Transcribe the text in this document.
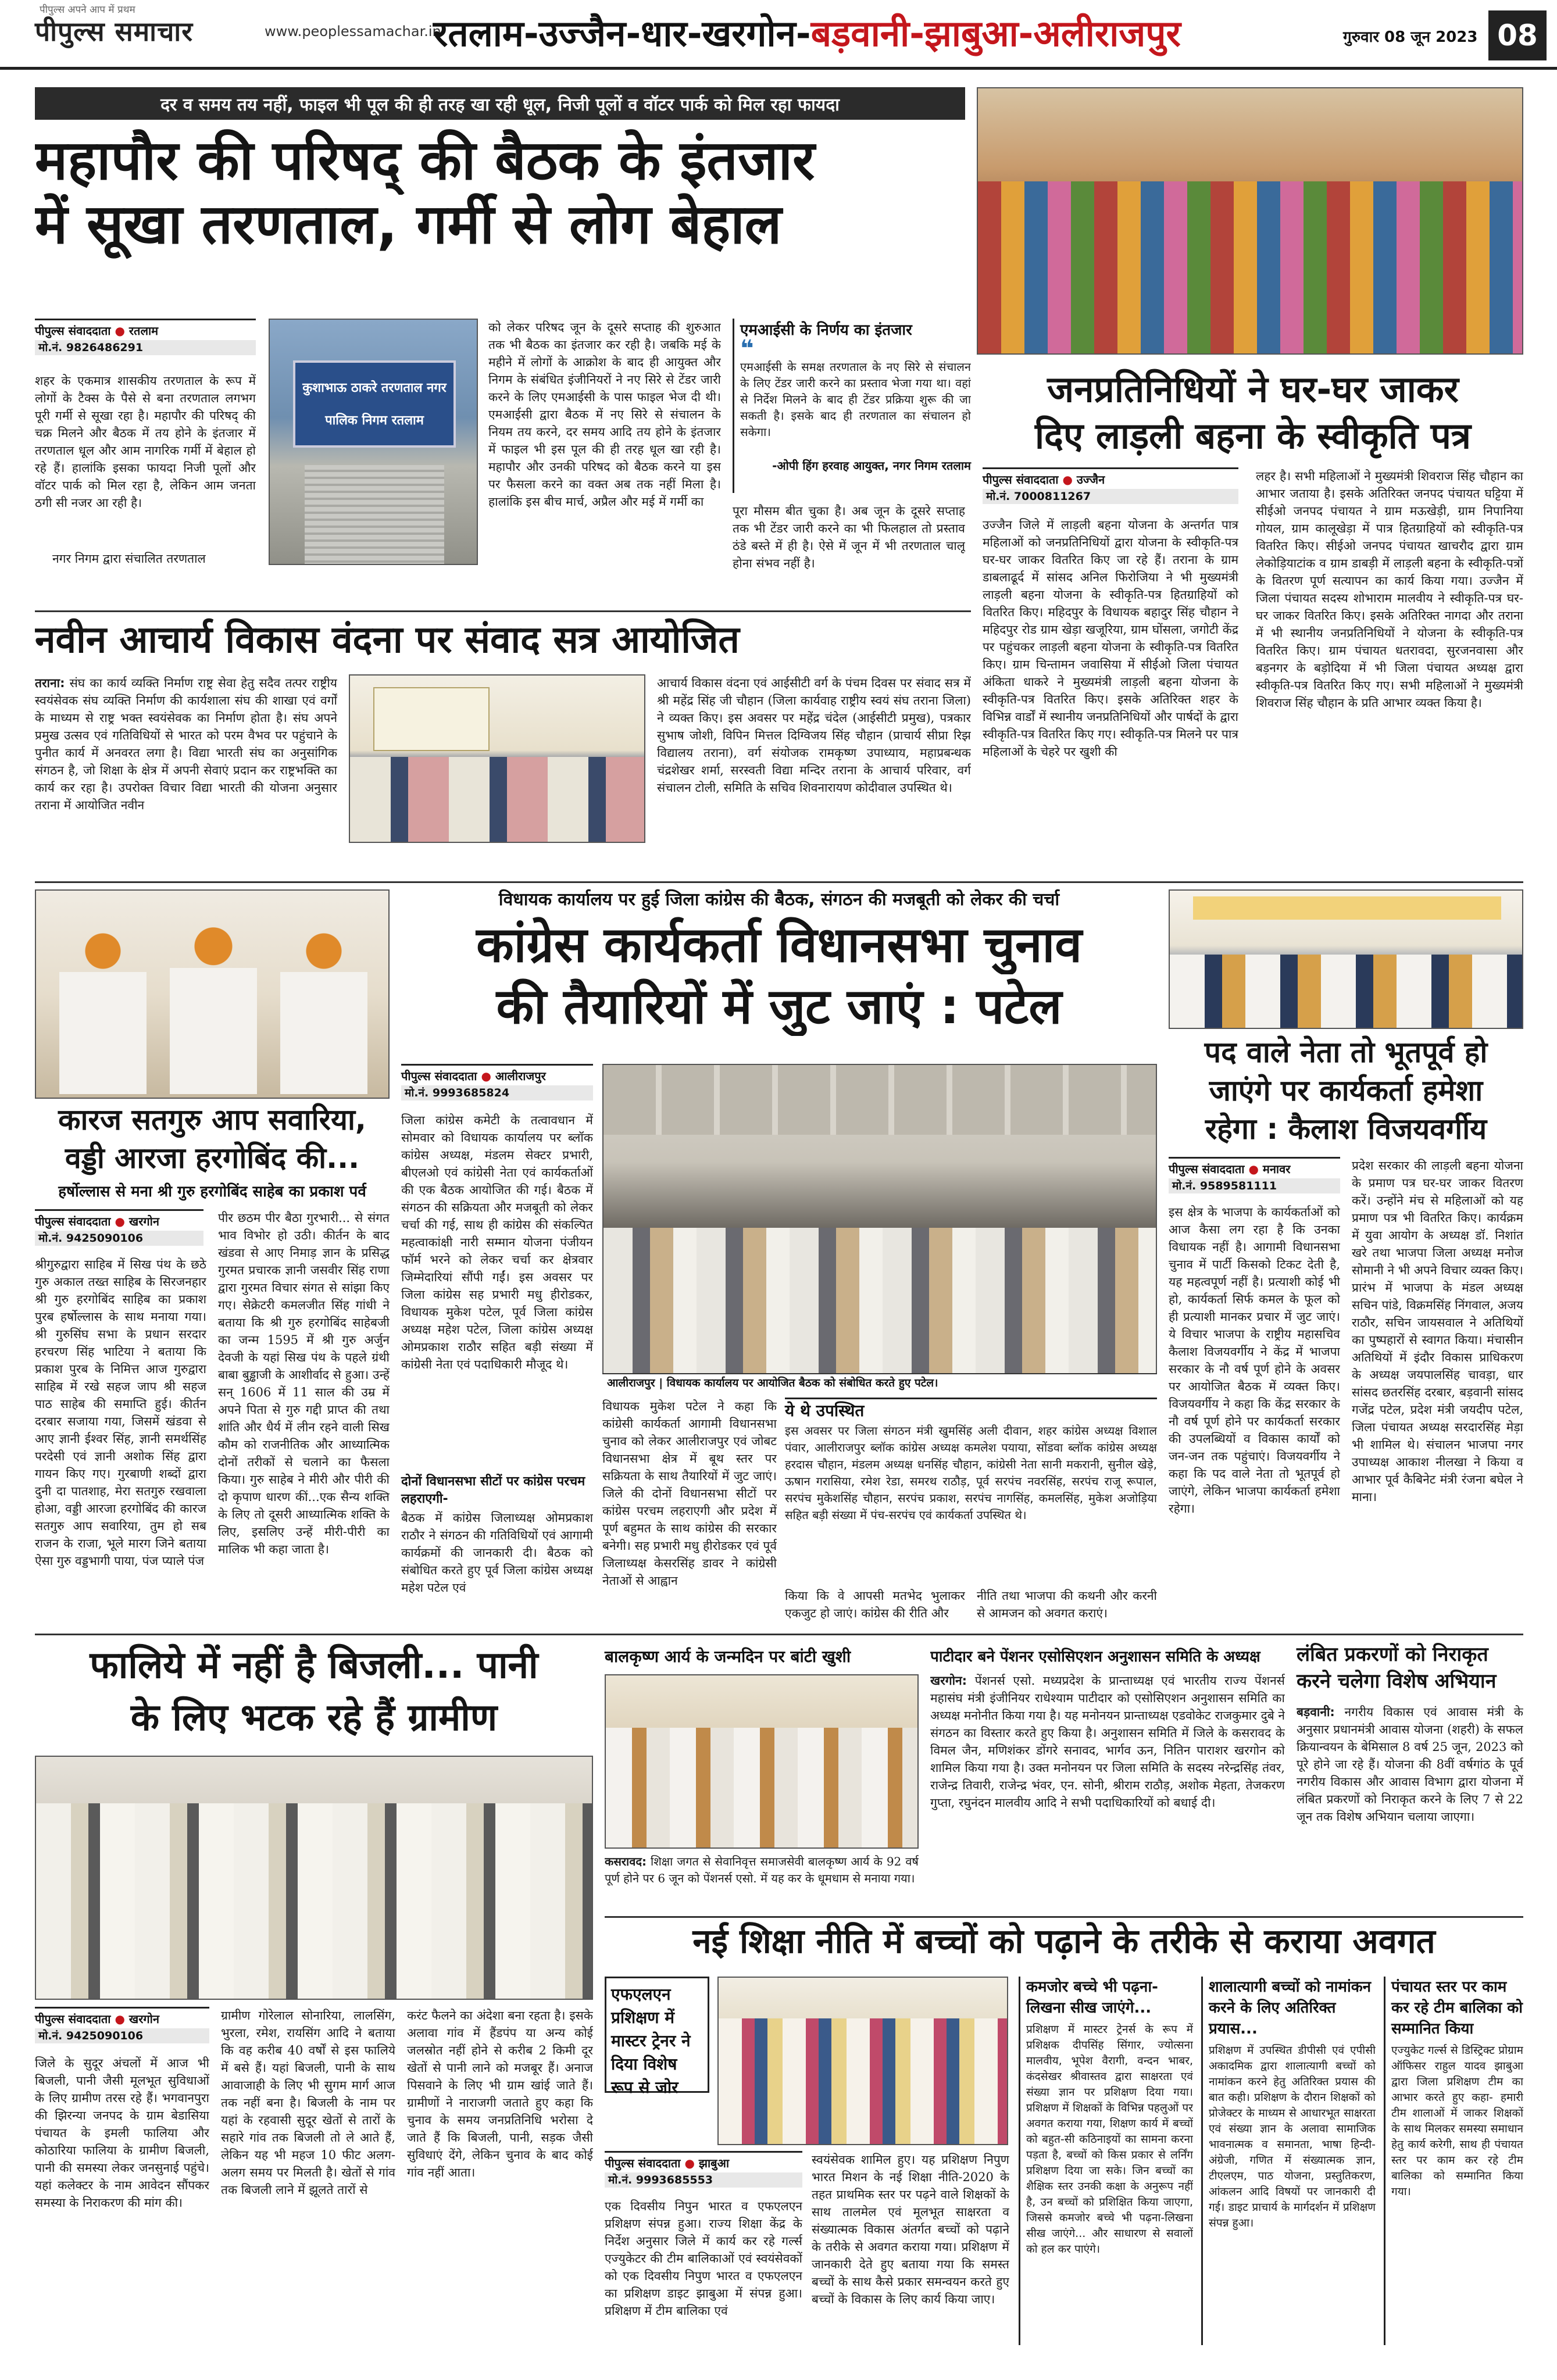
पीपुल्स अपने आप में प्रथम
पीपुल्स समाचार	www.peoplessamachar.in
रतलाम-उज्जैन-धार-खरगोन-बड़वानी-झाबुआ-अलीराजपुर	गुरुवार 08 जून 2023 08
दर व समय तय नहीं, फाइल भी पूल की ही तरह खा रही धूल, निजी पूलों व वॉटर पार्क को मिल रहा फायदा
महापौर की परिषद् की बैठक के इंतजार
में सूखा तरणताल, गर्मी से लोग बेहाल
पीपुल्स संवाददाता ● रतलाम
मो.नं. 9826486291
शहर के एकमात्र शासकीय तरणताल के रूप में लोगों के टैक्स के पैसे से बना तरणताल लगभग पूरी गर्मी से सूखा रहा है। महापौर की परिषद् की चक्र मिलने और बैठक में तय होने के इंतजार में तरणताल धूल और आम नागरिक गर्मी में बेहाल हो रहे हैं। हालांकि इसका फायदा निजी पूलों और वॉटर पार्क को मिल रहा है, लेकिन आम जनता ठगी सी नजर आ रही है।
नगर निगम द्वारा संचालित तरणताल
कुशाभाऊ ठाकरे तरणताल नगर पालिक निगम रतलाम
को लेकर परिषद जून के दूसरे सप्ताह की शुरुआत तक भी बैठक का इंतजार कर रही है। जबकि मई के महीने में लोगों के आक्रोश के बाद ही आयुक्त और निगम के संबंधित इंजीनियरों ने नए सिरे से टेंडर जारी करने के लिए एमआईसी के पास फाइल भेज दी थी। एमआईसी द्वारा बैठक में नए सिरे से संचालन के नियम तय करने, दर समय आदि तय होने के इंतजार में फाइल भी इस पूल की ही तरह धूल खा रही है। महापौर और उनकी परिषद को बैठक करने या इस पर फैसला करने का वक्त अब तक नहीं मिला है। हालांकि इस बीच मार्च, अप्रैल और मई में गर्मी का
एमआईसी के निर्णय का इंतजार
❝
एमआईसी के समक्ष तरणताल के नए सिरे से संचालन के लिए टेंडर जारी करने का प्रस्ताव भेजा गया था। वहां से निर्देश मिलने के बाद ही टेंडर प्रक्रिया शुरू की जा सकती है। इसके बाद ही तरणताल का संचालन हो सकेगा।
-ओपी हिंग हरवाह आयुक्त, नगर निगम रतलाम
पूरा मौसम बीत चुका है। अब जून के दूसरे सप्ताह तक भी टेंडर जारी करने का भी फिलहाल तो प्रस्ताव ठंडे बस्ते में ही है। ऐसे में जून में भी तरणताल चालू होना संभव नहीं है।
जनप्रतिनिधियों ने घर-घर जाकर
दिए लाड़ली बहना के स्वीकृति पत्र
पीपुल्स संवाददाता ● उज्जैन
मो.नं. 7000811267
उज्जैन जिले में लाड़ली बहना योजना के अन्तर्गत पात्र महिलाओं को जनप्रतिनिधियों द्वारा योजना के स्वीकृति-पत्र घर-घर जाकर वितरित किए जा रहे हैं। तराना के ग्राम डाबलाढूर्द में सांसद अनिल फिरोजिया ने भी मुख्यमंत्री लाड़ली बहना योजना के स्वीकृति-पत्र हितग्राहियों को वितरित किए। महिदपुर के विधायक बहादुर सिंह चौहान ने महिदपुर रोड ग्राम खेड़ा खजूरिया, ग्राम घोंसला, जगोटी केंद्र पर पहुंचकर लाड़ली बहना योजना के स्वीकृति-पत्र वितरित किए। ग्राम चिन्तामन जवासिया में सीईओ जिला पंचायत अंकिता धाकरे ने मुख्यमंत्री लाड़ली बहना योजना के स्वीकृति-पत्र वितरित किए। इसके अतिरिक्त शहर के विभिन्न वार्डों में स्थानीय जनप्रतिनिधियों और पार्षदों के द्वारा स्वीकृति-पत्र वितरित किए गए। स्वीकृति-पत्र मिलने पर पात्र महिलाओं के चेहरे पर खुशी की
लहर है। सभी महिलाओं ने मुख्यमंत्री शिवराज सिंह चौहान का आभार जताया है। इसके अतिरिक्त जनपद पंचायत घट्टिया में सीईओ जनपद पंचायत ने ग्राम मऊखेड़ी, ग्राम निपानिया गोयल, ग्राम कालूखेड़ा में पात्र हितग्राहियों को स्वीकृति-पत्र वितरित किए। सीईओ जनपद पंचायत खाचरौद द्वारा ग्राम लेकोड़ियाटांक व ग्राम डाबड़ी में लाड़ली बहना के स्वीकृति-पत्रों के वितरण पूर्ण सत्यापन का कार्य किया गया। उज्जैन में जिला पंचायत सदस्य शोभाराम मालवीय ने स्वीकृति-पत्र घर-घर जाकर वितरित किए। इसके अतिरिक्त नागदा और तराना में भी स्थानीय जनप्रतिनिधियों ने योजना के स्वीकृति-पत्र वितरित किए। ग्राम पंचायत धतरावदा, सुरजनवासा और बड़नगर के बड़ोदिया में भी जिला पंचायत अध्यक्ष द्वारा स्वीकृति-पत्र वितरित किए गए। सभी महिलाओं ने मुख्यमंत्री शिवराज सिंह चौहान के प्रति आभार व्यक्त किया है।
नवीन आचार्य विकास वंदना पर संवाद सत्र आयोजित
तराना: संघ का कार्य व्यक्ति निर्माण राष्ट्र सेवा हेतु सदैव तत्पर राष्ट्रीय स्वयंसेवक संघ व्यक्ति निर्माण की कार्यशाला संघ की शाखा एवं वर्गों के माध्यम से राष्ट्र भक्त स्वयंसेवक का निर्माण होता है। संघ अपने प्रमुख उत्सव एवं गतिविधियों से भारत को परम वैभव पर पहुंचाने के पुनीत कार्य में अनवरत लगा है। विद्या भारती संघ का अनुसांगिक संगठन है, जो शिक्षा के क्षेत्र में अपनी सेवाएं प्रदान कर राष्ट्रभक्ति का कार्य कर रहा है। उपरोक्त विचार विद्या भारती की योजना अनुसार तराना में आयोजित नवीन
आचार्य विकास वंदना एवं आईसीटी वर्ग के पंचम दिवस पर संवाद सत्र में श्री महेंद्र सिंह जी चौहान (जिला कार्यवाह राष्ट्रीय स्वयं संघ तराना जिला) ने व्यक्त किए। इस अवसर पर महेंद्र चंदेल (आईसीटी प्रमुख), पत्रकार सुभाष जोशी, विपिन मित्तल दिग्विजय सिंह चौहान (प्राचार्य सीप्रा रिझ विद्यालय तराना), वर्ग संयोजक रामकृष्ण उपाध्याय, महाप्रबन्धक चंद्रशेखर शर्मा, सरस्वती विद्या मन्दिर तराना के आचार्य परिवार, वर्ग संचालन टोली, समिति के सचिव शिवनारायण कोदीवाल उपस्थित थे।
कारज सतगुरु आप सवारिया,
वड्डी आरजा हरगोबिंद की...
हर्षोल्लास से मना श्री गुरु हरगोबिंद साहेब का प्रकाश पर्व
पीपुल्स संवाददाता ● खरगोन
मो.नं. 9425090106
श्रीगुरुद्वारा साहिब में सिख पंथ के छठे गुरु अकाल तख्त साहिब के सिरजनहार श्री गुरु हरगोबिंद साहिब का प्रकाश पुरब हर्षोल्लास के साथ मनाया गया। श्री गुरुसिंघ सभा के प्रधान सरदार हरचरण सिंह भाटिया ने बताया कि प्रकाश पुरब के निमित्त आज गुरुद्वारा साहिब में रखे सहज जाप श्री सहज पाठ साहेब की समाप्ति हुई। कीर्तन दरबार सजाया गया, जिसमें खंडवा से आए ज्ञानी ईश्वर सिंह, ज्ञानी समर्थसिंह परदेसी एवं ज्ञानी अशोक सिंह द्वारा गायन किए गए। गुरबाणी शब्दों द्वारा दुनी दा पातशाह, मेरा सतगुरु रखवाला होआ, वड्डी आरजा हरगोबिंद की कारज सतगुरु आप सवारिया, तुम हो सब राजन के राजा, भूले मारग जिने बताया ऐसा गुरु वड्डभागी पाया, पंज प्याले पंज
पीर छठम पीर बैठा गुरभारी... से संगत भाव विभोर हो उठी। कीर्तन के बाद खंडवा से आए निमाड़ ज्ञान के प्रसिद्ध गुरमत प्रचारक ज्ञानी जसवीर सिंह राणा द्वारा गुरमत विचार संगत से सांझा किए गए। सेक्रेटरी कमलजीत सिंह गांधी ने बताया कि श्री गुरु हरगोबिंद साहेबजी का जन्म 1595 में श्री गुरु अर्जुन देवजी के यहां सिख पंथ के पहले ग्रंथी बाबा बुड्ढाजी के आशीर्वाद से हुआ। उन्हें सन् 1606 में 11 साल की उम्र में अपने पिता से गुरु गद्दी प्राप्त की तथा शांति और धैर्य में लीन रहने वाली सिख कौम को राजनीतिक और आध्यात्मिक दोनों तरीकों से चलाने का फैसला किया। गुरु साहेब ने मीरी और पीरी की दो कृपाण धारण कीं...एक सैन्य शक्ति के लिए तो दूसरी आध्यात्मिक शक्ति के लिए, इसलिए उन्हें मीरी-पीरी का मालिक भी कहा जाता है।
विधायक कार्यालय पर हुई जिला कांग्रेस की बैठक, संगठन की मजबूती को लेकर की चर्चा
कांग्रेस कार्यकर्ता विधानसभा चुनाव
की तैयारियों में जुट जाएं : पटेल
पीपुल्स संवाददाता ● आलीराजपुर
मो.नं. 9993685824
जिला कांग्रेस कमेटी के तत्वावधान में सोमवार को विधायक कार्यालय पर ब्लॉक कांग्रेस अध्यक्ष, मंडलम सेक्टर प्रभारी, बीएलओ एवं कांग्रेसी नेता एवं कार्यकर्ताओं की एक बैठक आयोजित की गई। बैठक में संगठन की सक्रियता और मजबूती को लेकर चर्चा की गई, साथ ही कांग्रेस की संकल्पित महत्वाकांक्षी नारी सम्मान योजना पंजीयन फॉर्म भरने को लेकर चर्चा कर क्षेत्रवार जिम्मेदारियां सौंपी गईं। इस अवसर पर जिला कांग्रेस सह प्रभारी मधु हीरोडकर, विधायक मुकेश पटेल, पूर्व जिला कांग्रेस अध्यक्ष महेश पटेल, जिला कांग्रेस अध्यक्ष ओमप्रकाश राठौर सहित बड़ी संख्या में कांग्रेसी नेता एवं पदाधिकारी मौजूद थे।
दोनों विधानसभा सीटों पर कांग्रेस परचम लहराएगी-
बैठक में कांग्रेस जिलाध्यक्ष ओमप्रकाश राठौर ने संगठन की गतिविधियों एवं आगामी कार्यक्रमों की जानकारी दी। बैठक को संबोधित करते हुए पूर्व जिला कांग्रेस अध्यक्ष महेश पटेल एवं
आलीराजपुर | विधायक कार्यालय पर आयोजित बैठक को संबोधित करते हुए पटेल।
विधायक मुकेश पटेल ने कहा कि कांग्रेसी कार्यकर्ता आगामी विधानसभा चुनाव को लेकर आलीराजपुर एवं जोबट विधानसभा क्षेत्र में बूथ स्तर पर सक्रियता के साथ तैयारियों में जुट जाएं। जिले की दोनों विधानसभा सीटों पर कांग्रेस परचम लहराएगी और प्रदेश में पूर्ण बहुमत के साथ कांग्रेस की सरकार बनेगी। सह प्रभारी मधु हीरोडकर एवं पूर्व जिलाध्यक्ष केसरसिंह डावर ने कांग्रेसी नेताओं से आह्वान
ये थे उपस्थित
इस अवसर पर जिला संगठन मंत्री खुमसिंह अली दीवान, शहर कांग्रेस अध्यक्ष विशाल पंवार, आलीराजपुर ब्लॉक कांग्रेस अध्यक्ष कमलेश पयाया, सोंडवा ब्लॉक कांग्रेस अध्यक्ष हरदास चौहान, मंडलम अध्यक्ष धनसिंह चौहान, कांग्रेसी नेता सानी मकरानी, सुनील खेड़े, ऊषान गरासिया, रमेश रेडा, समरथ राठौड़, पूर्व सरपंच नवरसिंह, सरपंच राजू रूपाल, सरपंच मुकेशसिंह चौहान, सरपंच प्रकाश, सरपंच नागसिंह, कमलसिंह, मुकेश अजोड़िया सहित बड़ी संख्या में पंच-सरपंच एवं कार्यकर्ता उपस्थित थे।
किया कि वे आपसी मतभेद भुलाकर एकजुट हो जाएं। कांग्रेस की रीति और
नीति तथा भाजपा की कथनी और करनी से आमजन को अवगत कराएं।
पद वाले नेता तो भूतपूर्व हो
जाएंगे पर कार्यकर्ता हमेशा
रहेगा : कैलाश विजयवर्गीय
पीपुल्स संवाददाता ● मनावर
मो.नं. 9589581111
इस क्षेत्र के भाजपा के कार्यकर्ताओं को आज कैसा लग रहा है कि उनका विधायक नहीं है। आगामी विधानसभा चुनाव में पार्टी किसको टिकट देती है, यह महत्वपूर्ण नहीं है। प्रत्याशी कोई भी हो, कार्यकर्ता सिर्फ कमल के फूल को ही प्रत्याशी मानकर प्रचार में जुट जाएं। ये विचार भाजपा के राष्ट्रीय महासचिव कैलाश विजयवर्गीय ने केंद्र में भाजपा सरकार के नौ वर्ष पूर्ण होने के अवसर पर आयोजित बैठक में व्यक्त किए। विजयवर्गीय ने कहा कि केंद्र सरकार के नौ वर्ष पूर्ण होने पर कार्यकर्ता सरकार की उपलब्धियों व विकास कार्यों को जन-जन तक पहुंचाएं। विजयवर्गीय ने कहा कि पद वाले नेता तो भूतपूर्व हो जाएंगे, लेकिन भाजपा कार्यकर्ता हमेशा रहेगा।
प्रदेश सरकार की लाड़ली बहना योजना के प्रमाण पत्र घर-घर जाकर वितरण करें। उन्होंने मंच से महिलाओं को यह प्रमाण पत्र भी वितरित किए। कार्यक्रम में युवा आयोग के अध्यक्ष डॉ. निशांत खरे तथा भाजपा जिला अध्यक्ष मनोज सोमानी ने भी अपने विचार व्यक्त किए। प्रारंभ में भाजपा के मंडल अध्यक्ष सचिन पांडे, विक्रमसिंह निंगवाल, अजय राठौर, सचिन जायसवाल ने अतिथियों का पुष्पहारों से स्वागत किया। मंचासीन अतिथियों में इंदौर विकास प्राधिकरण के अध्यक्ष जयपालसिंह चावड़ा, धार सांसद छतरसिंह दरबार, बड़वानी सांसद गजेंद्र पटेल, प्रदेश मंत्री जयदीप पटेल, जिला पंचायत अध्यक्ष सरदारसिंह मेड़ा भी शामिल थे। संचालन भाजपा नगर उपाध्यक्ष आकाश नीलखा ने किया व आभार पूर्व कैबिनेट मंत्री रंजना बघेल ने माना।
फालिये में नहीं है बिजली... पानी
के लिए भटक रहे हैं ग्रामीण
पीपुल्स संवाददाता ● खरगोन
मो.नं. 9425090106
जिले के सुदूर अंचलों में आज भी बिजली, पानी जैसी मूलभूत सुविधाओं के लिए ग्रामीण तरस रहे हैं। भगवानपुरा की झिरन्या जनपद के ग्राम बेडासिया पंचायत के इमली फालिया और कोठारिया फालिया के ग्रामीण बिजली, पानी की समस्या लेकर जनसुनाई पहुंचे। यहां कलेक्टर के नाम आवेदन सौंपकर समस्या के निराकरण की मांग की।
ग्रामीण गोरेलाल सोनारिया, लालसिंग, भुरला, रमेश, रायसिंग आदि ने बताया कि वह करीब 40 वर्षों से इस फालिये में बसे हैं। यहां बिजली, पानी के साथ आवाजाही के लिए भी सुगम मार्ग आज तक नहीं बना है। बिजली के नाम पर यहां के रहवासी सुदूर खेतों से तारों के सहारे गांव तक बिजली तो ले आते हैं, लेकिन यह भी महज 10 फीट अलग-अलग समय पर मिलती है। खेतों से गांव तक बिजली लाने में झूलते तारों से
करंट फैलने का अंदेशा बना रहता है। इसके अलावा गांव में हैंडपंप या अन्य कोई जलस्रोत नहीं होने से करीब 2 किमी दूर खेतों से पानी लाने को मजबूर हैं। अनाज पिसवाने के लिए भी ग्राम खांई जाते हैं। ग्रामीणों ने नाराजगी जताते हुए कहा कि चुनाव के समय जनप्रतिनिधि भरोसा दे जाते हैं कि बिजली, पानी, सड़क जैसी सुविधाएं देंगे, लेकिन चुनाव के बाद कोई गांव नहीं आता।
बालकृष्ण आर्य के जन्मदिन पर बांटी खुशी
कसरावद: शिक्षा जगत से सेवानिवृत्त समाजसेवी बालकृष्ण आर्य के 92 वर्ष पूर्ण होने पर 6 जून को पेंशनर्स एसो. में यह कर के धूमधाम से मनाया गया।
पाटीदार बने पेंशनर एसोसिएशन अनुशासन समिति के अध्यक्ष
खरगोन: पेंशनर्स एसो. मध्यप्रदेश के प्रान्ताध्यक्ष एवं भारतीय राज्य पेंशनर्स महासंघ मंत्री इंजीनियर राधेश्याम पाटीदार को एसोसिएशन अनुशासन समिति का अध्यक्ष मनोनीत किया गया है। यह मनोनयन प्रान्ताध्यक्ष एडवोकेट राजकुमार दुबे ने संगठन का विस्तार करते हुए किया है। अनुशासन समिति में जिले के कसरावद के विमल जैन, मणिशंकर डोंगरे सनावद, भार्गव ऊन, नितिन पाराशर खरगोन को शामिल किया गया है। उक्त मनोनयन पर जिला समिति के सदस्य नरेन्द्रसिंह तंवर, राजेन्द्र तिवारी, राजेन्द्र भंवर, एन. सोनी, श्रीराम राठौड़, अशोक मेहता, तेजकरण गुप्ता, रघुनंदन मालवीय आदि ने सभी पदाधिकारियों को बधाई दी।
लंबित प्रकरणों को निराकृत
करने चलेगा विशेष अभियान
बड़वानी: नगरीय विकास एवं आवास मंत्री के अनुसार प्रधानमंत्री आवास योजना (शहरी) के सफल क्रियान्वयन के बेमिसाल 8 वर्ष 25 जून, 2023 को पूरे होने जा रहे हैं। योजना की 8वीं वर्षगांठ के पूर्व नगरीय विकास और आवास विभाग द्वारा योजना में लंबित प्रकरणों को निराकृत करने के लिए 7 से 22 जून तक विशेष अभियान चलाया जाएगा।
नई शिक्षा नीति में बच्चों को पढ़ाने के तरीके से कराया अवगत
एफएलएन प्रशिक्षण में मास्टर ट्रेनर ने दिया विशेष रूप से जोर
पीपुल्स संवाददाता ● झाबुआ
मो.नं. 9993685553
एक दिवसीय निपुन भारत व एफएलएन प्रशिक्षण संपन्न हुआ। राज्य शिक्षा केंद्र के निर्देश अनुसार जिले में कार्य कर रहे गर्ल्स एज्युकेटर की टीम बालिकाओं एवं स्वयंसेवकों को एक दिवसीय निपुण भारत व एफएलएन का प्रशिक्षण डाइट झाबुआ में संपन्न हुआ। प्रशिक्षण में टीम बालिका एवं
स्वयंसेवक शामिल हुए। यह प्रशिक्षण निपुण भारत मिशन के नई शिक्षा नीति-2020 के तहत प्राथमिक स्तर पर पढ़ने वाले शिक्षकों के साथ तालमेल एवं मूलभूत साक्षरता व संख्यात्मक विकास अंतर्गत बच्चों को पढ़ाने के तरीके से अवगत कराया गया। प्रशिक्षण में जानकारी देते हुए बताया गया कि समस्त बच्चों के साथ कैसे प्रकार समन्वयन करते हुए बच्चों के विकास के लिए कार्य किया जाए।
कमजोर बच्चे भी पढ़ना-लिखना सीख जाएंगे...
प्रशिक्षण में मास्टर ट्रेनर्स के रूप में प्रशिक्षक दीपसिंह सिंगार, ज्योत्सना मालवीय, भूपेश वैरागी, वन्दन भाबर, कंदसेखर श्रीवास्तव द्वारा साक्षरता एवं संख्या ज्ञान पर प्रशिक्षण दिया गया। प्रशिक्षण में शिक्षकों के विभिन्न पहलुओं पर अवगत कराया गया, शिक्षण कार्य में बच्चों को बहुत-सी कठिनाइयों का सामना करना पड़ता है, बच्चों को किस प्रकार से लर्निंग प्रशिक्षण दिया जा सके। जिन बच्चों का शैक्षिक स्तर उनकी कक्षा के अनुरूप नहीं है, उन बच्चों को प्रशिक्षित किया जाएगा, जिससे कमजोर बच्चे भी पढ़ना-लिखना सीख जाएंगे... और साधारण से सवालों को हल कर पाएंगे।
शालात्यागी बच्चों को नामांकन करने के लिए अतिरिक्त प्रयास...
प्रशिक्षण में उपस्थित डीपीसी एवं एपीसी अकादमिक द्वारा शालात्यागी बच्चों को नामांकन करने हेतु अतिरिक्त प्रयास की बात कही। प्रशिक्षण के दौरान शिक्षकों को प्रोजेक्टर के माध्यम से आधारभूत साक्षरता एवं संख्या ज्ञान के अलावा सामाजिक भावनात्मक व समानता, भाषा हिन्दी-अंग्रेजी, गणित में संख्यात्मक ज्ञान, टीएलएम, पाठ योजना, प्रस्तुतिकरण, आंकलन आदि विषयों पर जानकारी दी गई। डाइट प्राचार्य के मार्गदर्शन में प्रशिक्षण संपन्न हुआ।
पंचायत स्तर पर काम कर रहे टीम बालिका को सम्मानित किया
एज्युकेट गर्ल्स से डिस्ट्रिक्ट प्रोग्राम ऑफिसर राहुल यादव झाबुआ द्वारा जिला प्रशिक्षण टीम का आभार करते हुए कहा- हमारी टीम शालाओं में जाकर शिक्षकों के साथ मिलकर समस्या समाधान हेतु कार्य करेगी, साथ ही पंचायत स्तर पर काम कर रहे टीम बालिका को सम्मानित किया गया।
